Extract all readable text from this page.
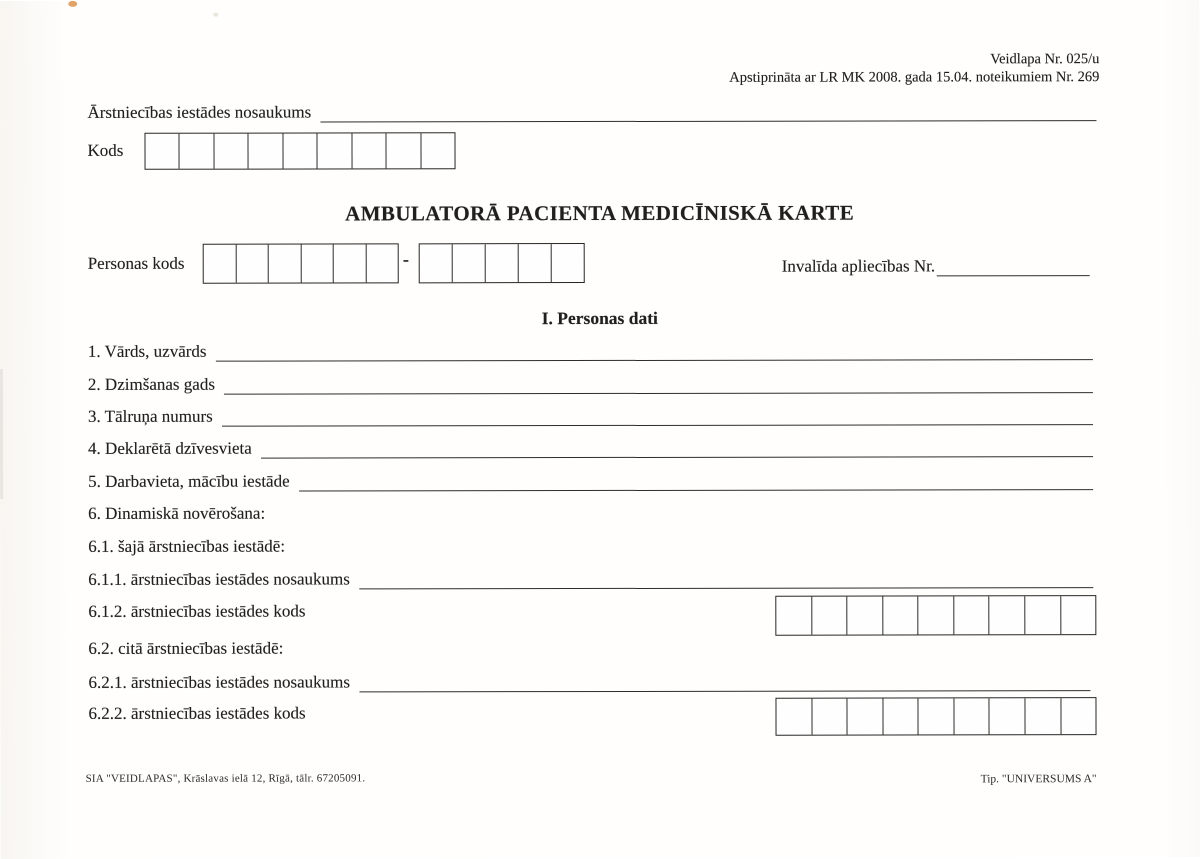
Veidlapa Nr. 025/u
Apstiprināta ar LR MK 2008. gada 15.04. noteikumiem Nr. 269
Ārstniecības iestādes nosaukums
Kods
AMBULATORĀ PACIENTA MEDICĪNISKĀ KARTE
Personas kods	-	Invalīda apliecības Nr.
I. Personas dati
1. Vārds, uzvārds
2. Dzimšanas gads
3. Tālruņa numurs
4. Deklarētā dzīvesvieta
5. Darbavieta, mācību iestāde
6. Dinamiskā novērošana:
6.1. šajā ārstniecības iestādē:
6.1.1. ārstniecības iestādes nosaukums
6.1.2. ārstniecības iestādes kods
6.2. citā ārstniecības iestādē:
6.2.1. ārstniecības iestādes nosaukums
6.2.2. ārstniecības iestādes kods
SIA "VEIDLAPAS", Krāslavas ielā 12, Rīgā, tālr. 67205091.	Tip. "UNIVERSUMS A"
